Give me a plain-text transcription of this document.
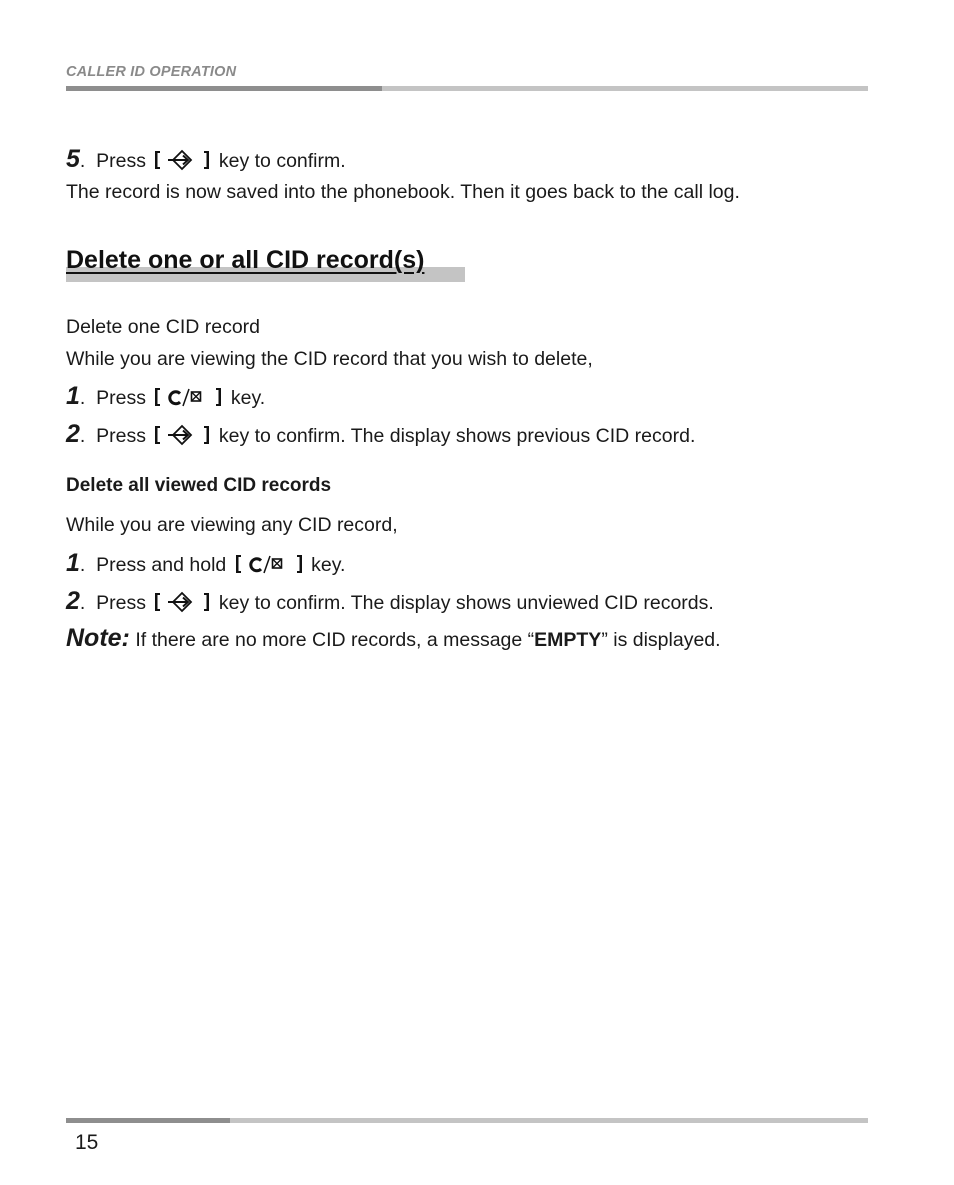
CALLER ID OPERATION
5.  Press	key to confirm.
The record is now saved into the phonebook. Then it goes back to the call log.
Delete one or all CID record(s)
Delete one CID record
While you are viewing the CID record that you wish to delete,
1.  Press	key.
2.  Press	key to confirm. The display shows previous CID record.
Delete all viewed CID records
While you are viewing any CID record,
1.  Press and hold	key.
2.  Press	key to confirm. The display shows unviewed CID records.
Note: If there are no more CID records, a message “EMPTY” is displayed.
15
